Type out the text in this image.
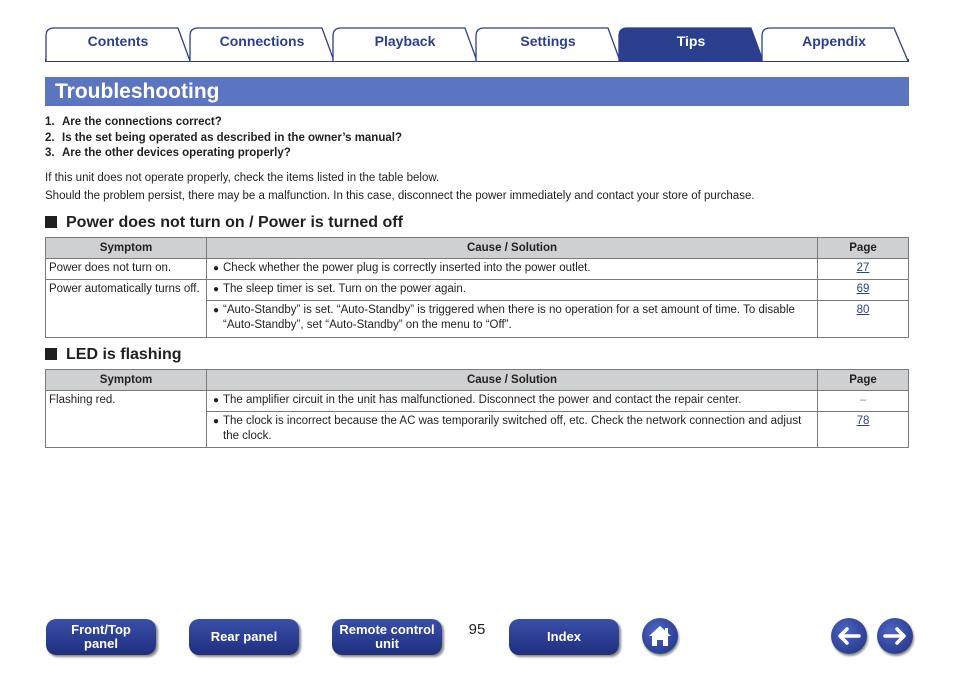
Contents	Connections	Playback	Settings	Tips	Appendix
Troubleshooting
1. Are the connections correct?
2. Is the set being operated as described in the owner’s manual?
3. Are the other devices operating properly?

If this unit does not operate properly, check the items listed in the table below.

Should the problem persist, there may be a malfunction. In this case, disconnect the power immediately and contact your store of purchase.

Power does not turn on / Power is turned off
Symptom	Cause / Solution	Page
Power does not turn on.	● Check whether the power plug is correctly inserted into the power outlet.	27
Power automatically turns off.	● The sleep timer is set. Turn on the power again.	69

	● “Auto-Standby” is set. “Auto-Standby” is triggered when there is no operation for a set amount of time. To disable “Auto-Standby”, set “Auto-Standby” on the menu to “Off”.	80
LED is flashing
Symptom	Cause / Solution	Page
Flashing red.	● The amplifier circuit in the unit has malfunctioned. Disconnect the power and contact the repair center.	–

	● The clock is incorrect because the AC was temporarily switched off, etc. Check the network connection and adjust the clock.	78
Front/Top
panel	Rear panel	Remote control
unit
95	Index
